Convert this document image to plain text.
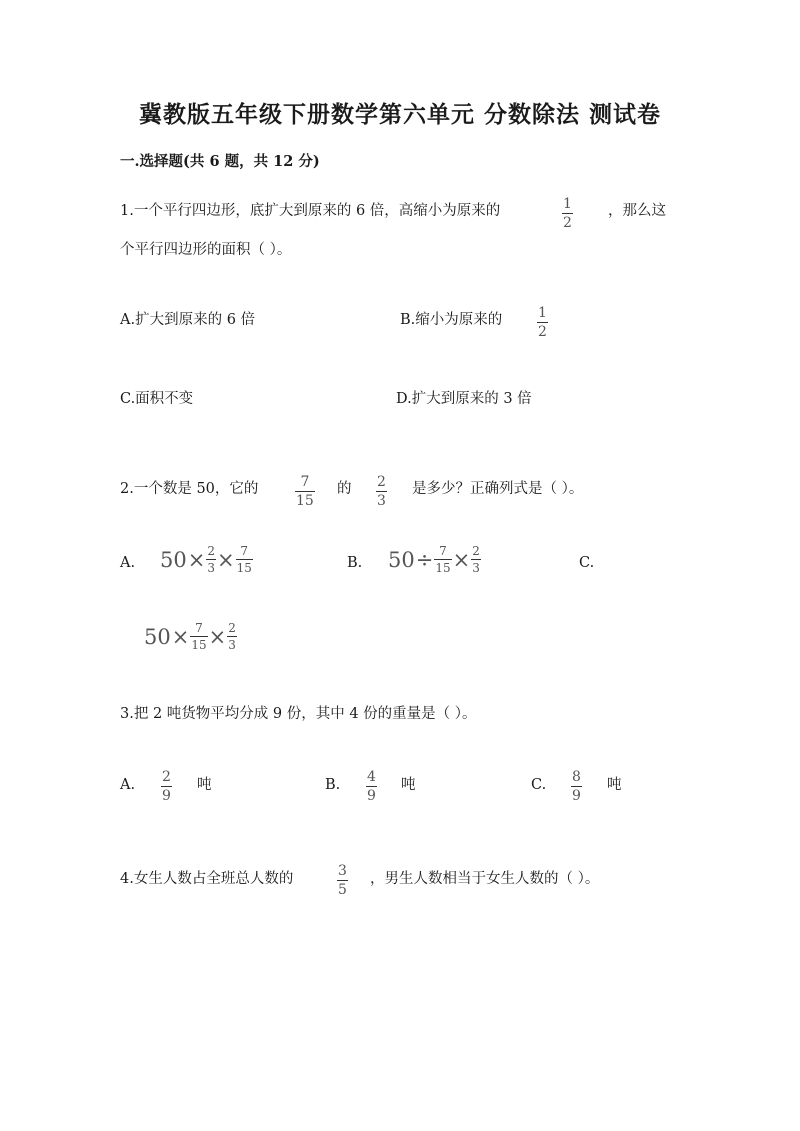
冀教版五年级下册数学第六单元 分数除法 测试卷
一.选择题(共 6 题，共 12 分)
1.一个平行四边形，底扩大到原来的 6 倍，高缩小为原来的	$\frac{1}{2}$ ，那么这
个平行四边形的面积（ ）。
A.扩大到原来的 6 倍	B.缩小为原来的 $\frac{1}{2}$
C.面积不变	D.扩大到原来的 3 倍
2.一个数是 50，它的	$\frac{7}{15}$ 的 $\frac{2}{3}$ 是多少？正确列式是（ ）。
A. $50 \times \frac{2}{3} \times \frac{7}{15}$	B. $50 \div \frac{7}{15} \times \frac{2}{3}$	C.
$50 \times \frac{7}{15} \times \frac{2}{3}$
3.把 2 吨货物平均分成 9 份，其中 4 份的重量是（ ）。
A. $\frac{2}{9}$ 吨	B. $\frac{4}{9}$ 吨	C. $\frac{8}{9}$ 吨
4.女生人数占全班总人数的	$\frac{3}{5}$ ，男生人数相当于女生人数的（ ）。
